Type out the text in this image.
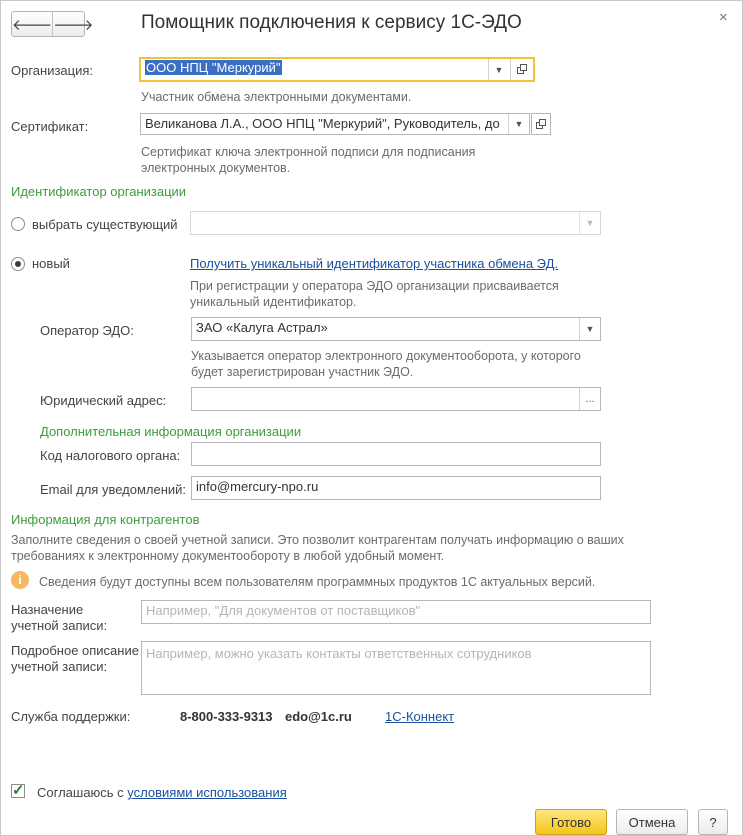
🡐 🡒	Помощник подключения к сервису 1С-ЭДО	×
Организация:	ООО НПЦ "Меркурий"	▼
Участник обмена электронными документами.
Сертификат:	Великанова Л.А., ООО НПЦ "Меркурий", Руководитель, до ▼
Сертификат ключа электронной подписи для подписания
электронных документов.
Идентификатор организации
выбрать существующий	▼
новый	Получить уникальный идентификатор участника обмена ЭД.
При регистрации у оператора ЭДО организации присваивается
уникальный идентификатор.
Оператор ЭДО:	ЗАО «Калуга Астрал»	▼
Указывается оператор электронного документооборота, у которого
будет зарегистрирован участник ЭДО.
Юридический адрес:	...
Дополнительная информация организации
Код налогового органа:
Email для уведомлений: info@mercury-npo.ru
Информация для контрагентов
Заполните сведения о своей учетной записи. Это позволит контрагентам получать информацию о ваших
требованиях к электронному документообороту в любой удобный момент.
i	Сведения будут доступны всем пользователям программных продуктов 1С актуальных версий.
Назначение
учетной записи:
Например, "Для документов от поставщиков"
Подробное описание
учетной записи:
Например, можно указать контакты ответственных сотрудников
Служба поддержки:	8-800-333-9313 edo@1c.ru	1С-Коннект
✓
Соглашаюсь с условиями использования
Готово	Отмена	?
